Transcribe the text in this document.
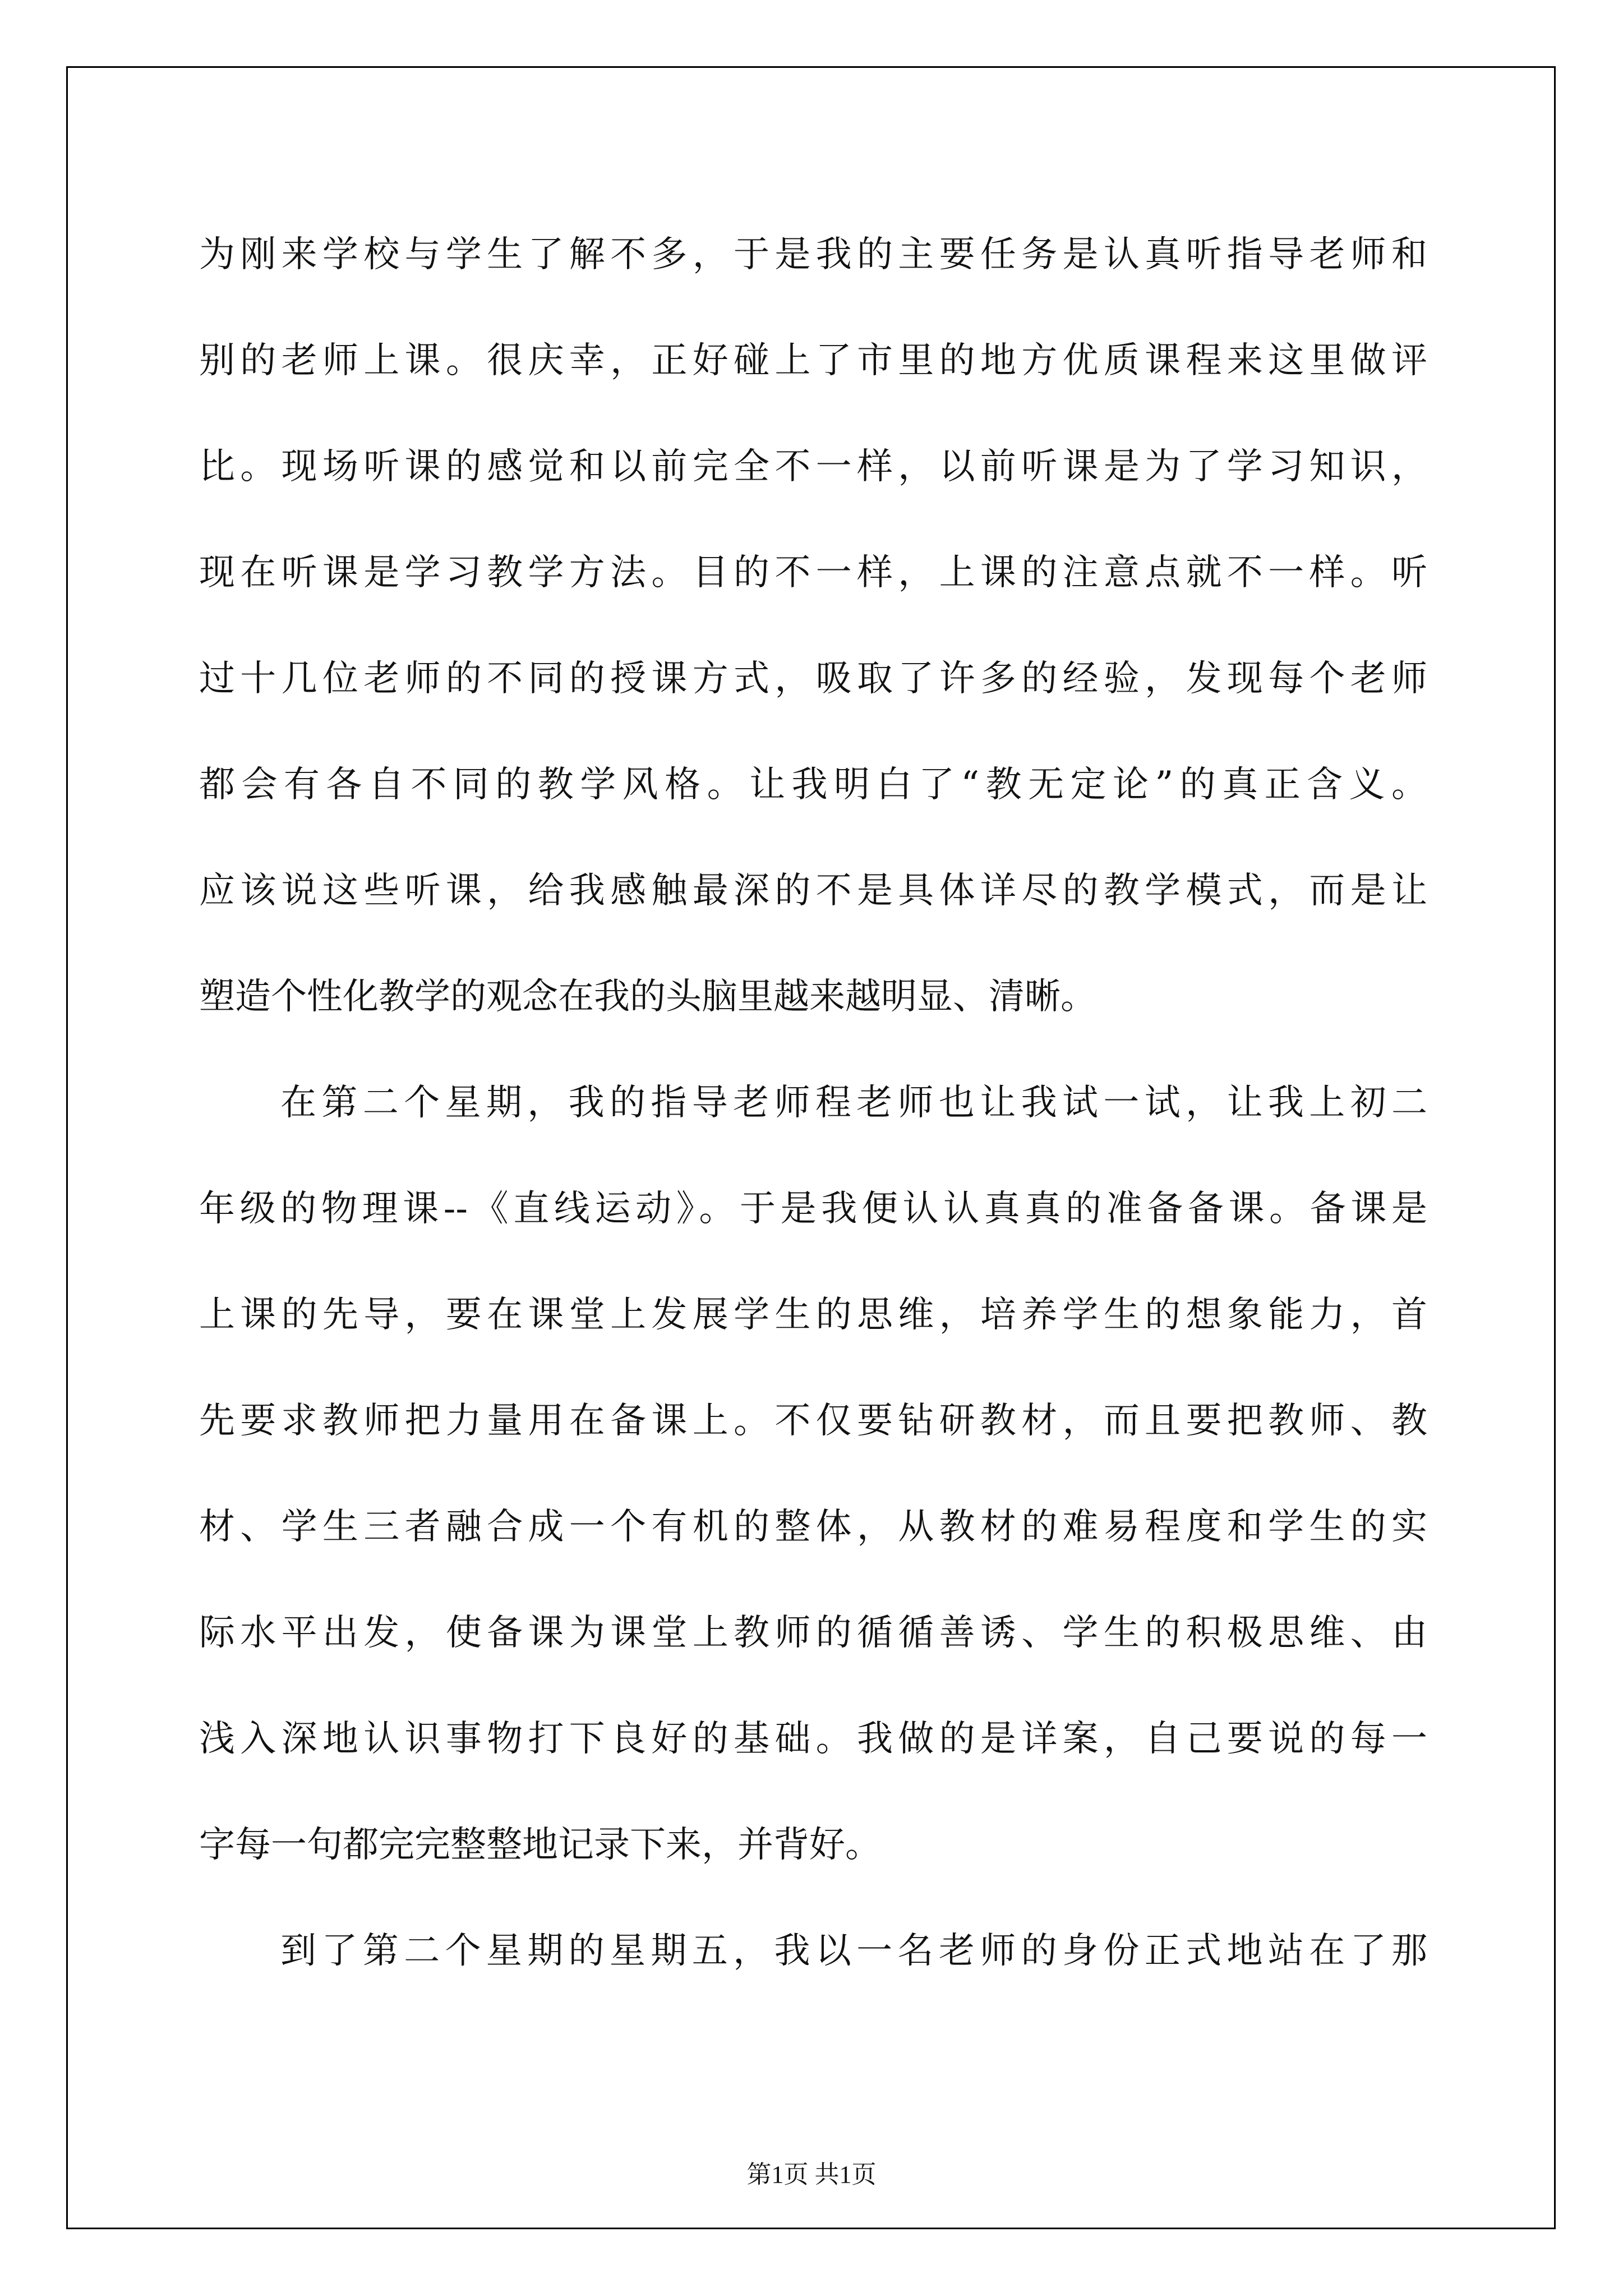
为刚来学校与学生了解不多，于是我的主要任务是认真听指导老师和

别的老师上课。很庆幸，正好碰上了市里的地方优质课程来这里做评

比。现场听课的感觉和以前完全不一样，以前听课是为了学习知识，

现在听课是学习教学方法。目的不一样，上课的注意点就不一样。听

过十几位老师的不同的授课方式，吸取了许多的经验，发现每个老师

都会有各自不同的教学风格。让我明白了“教无定论”的真正含义。

应该说这些听课，给我感触最深的不是具体详尽的教学模式，而是让

塑造个性化教学的观念在我的头脑里越来越明显、清晰。

在第二个星期，我的指导老师程老师也让我试一试，让我上初二

年级的物理课--《直线运动》。于是我便认认真真的准备备课。备课是

上课的先导，要在课堂上发展学生的思维，培养学生的想象能力，首

先要求教师把力量用在备课上。不仅要钻研教材，而且要把教师、教

材、学生三者融合成一个有机的整体，从教材的难易程度和学生的实

际水平出发，使备课为课堂上教师的循循善诱、学生的积极思维、由

浅入深地认识事物打下良好的基础。我做的是详案，自己要说的每一

字每一句都完完整整地记录下来，并背好。

到了第二个星期的星期五，我以一名老师的身份正式地站在了那

第1页 共1页
